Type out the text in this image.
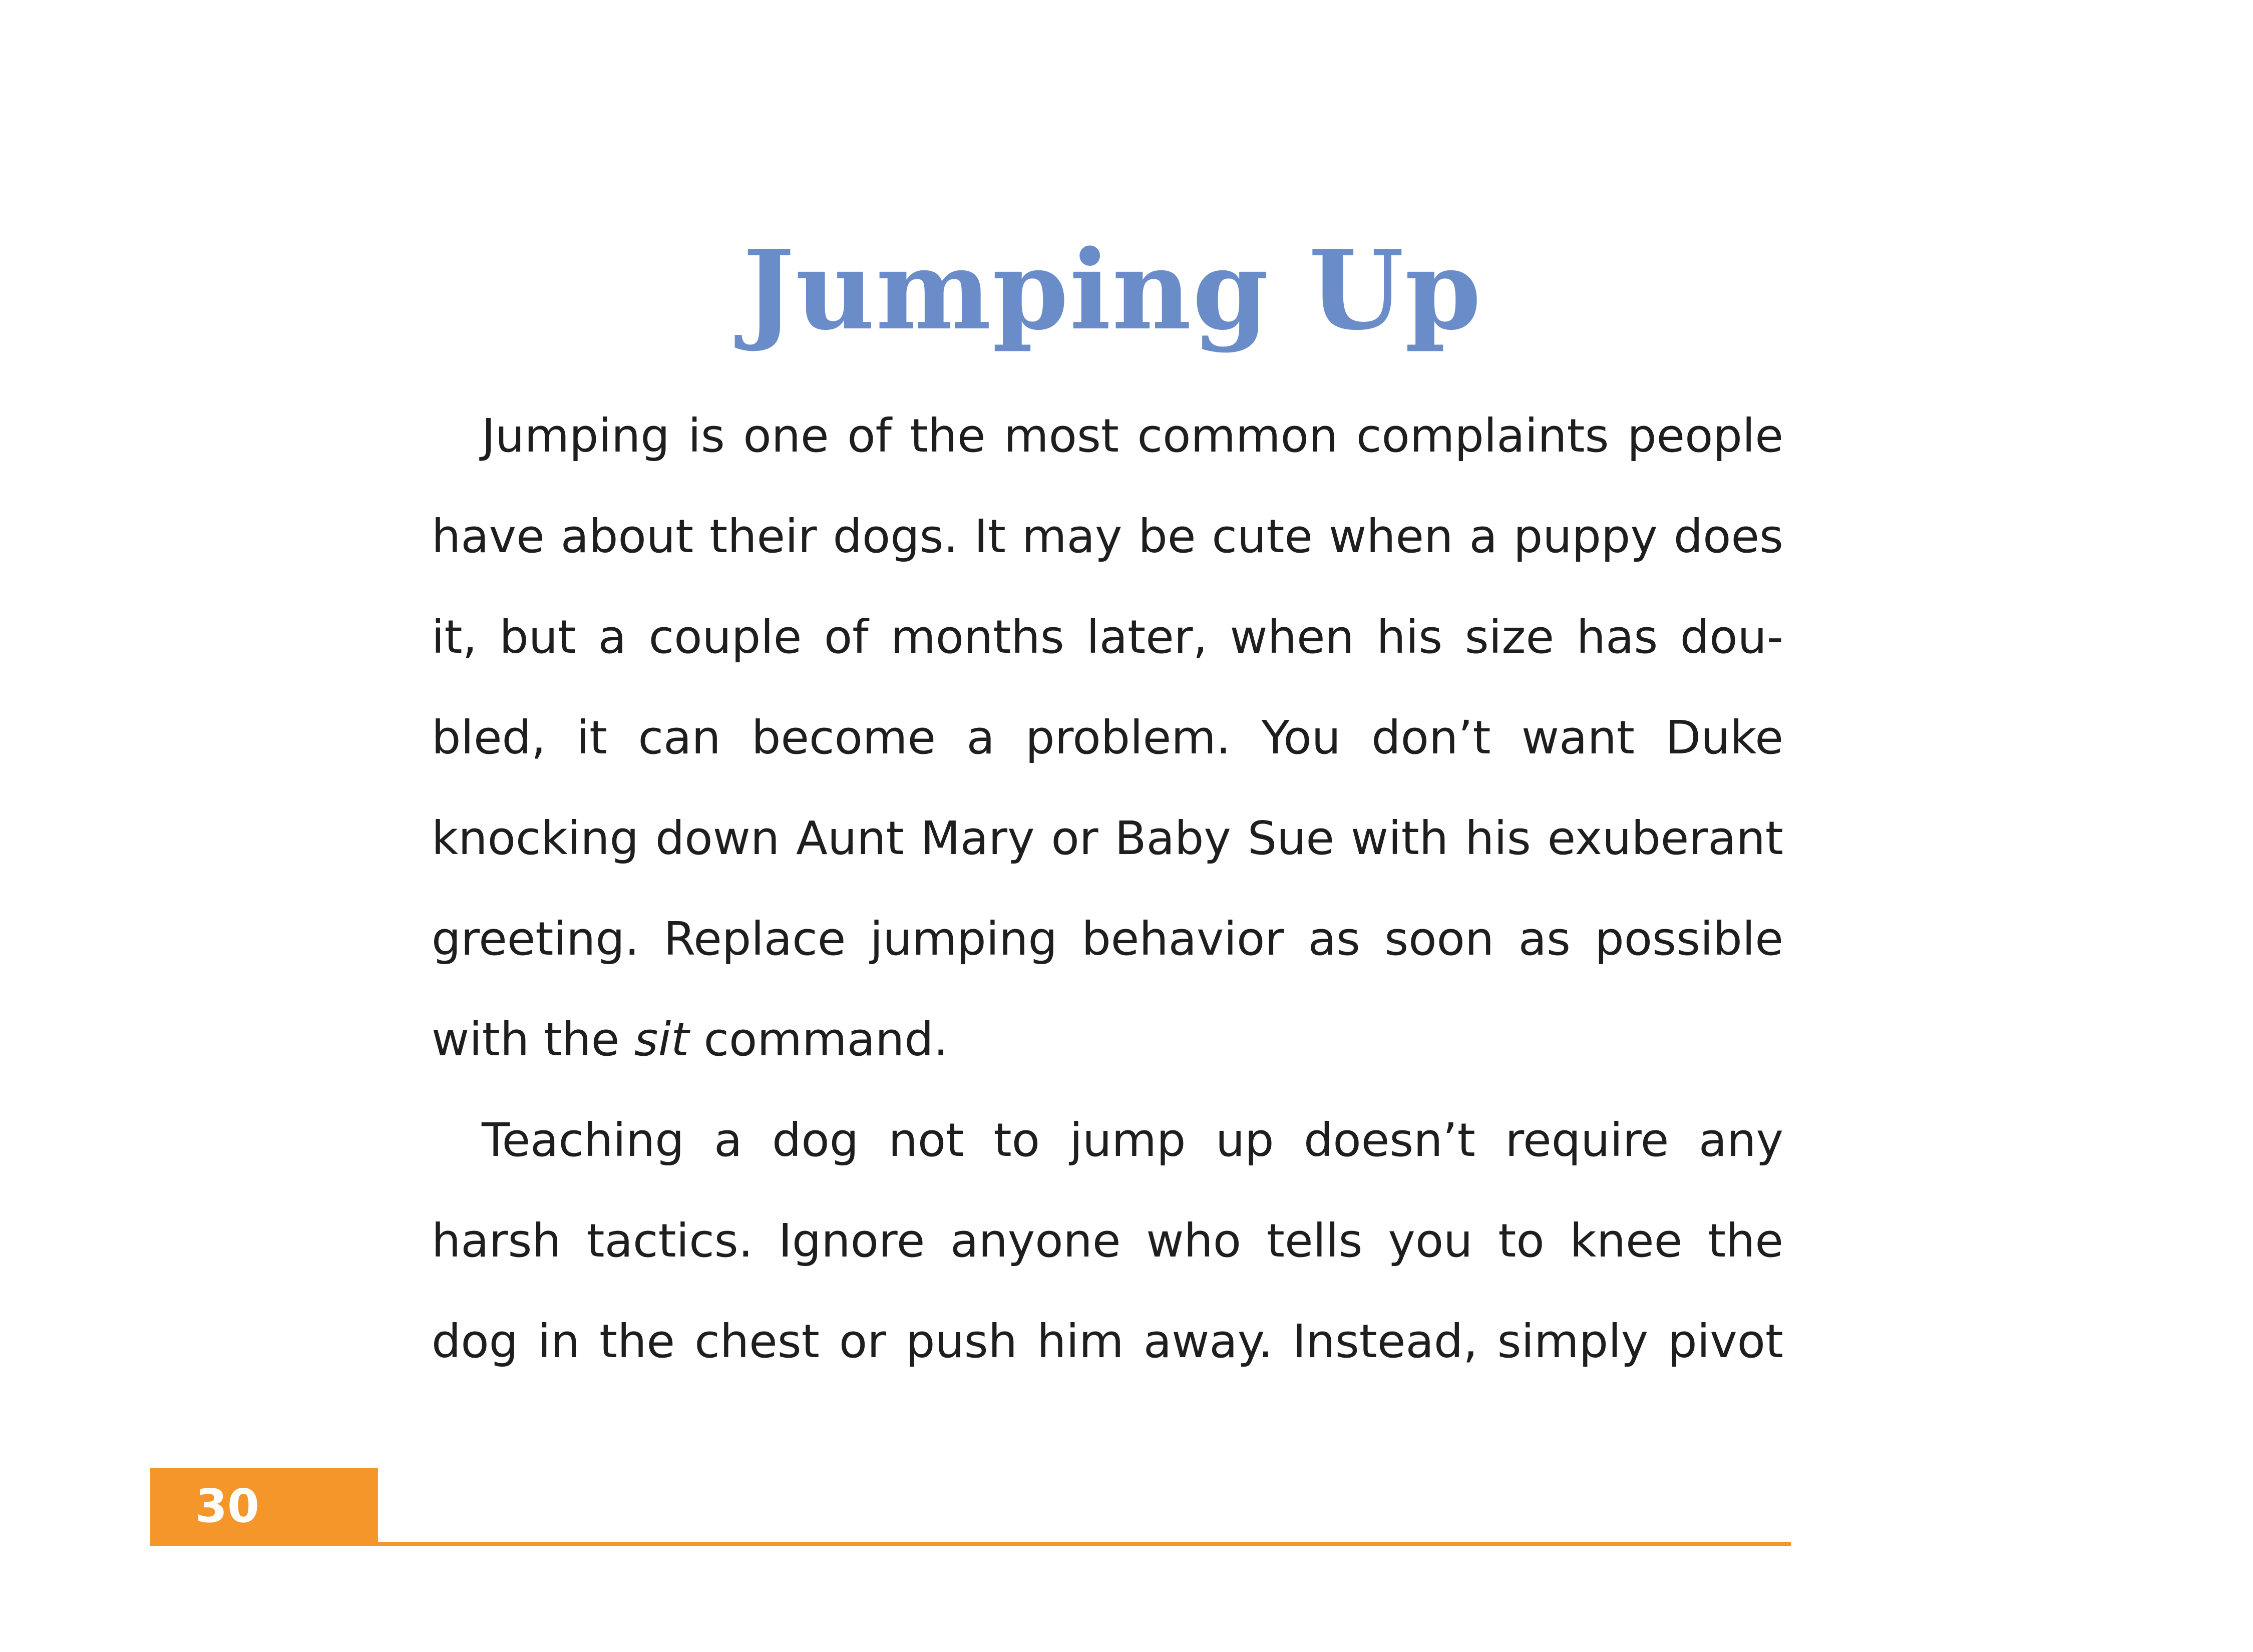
Jumping Up

Jumping is one of the most common complaints people
have about their dogs. It may be cute when a puppy does
it, but a couple of months later, when his size has dou-
bled, it can become a problem. You don’t want Duke
knocking down Aunt Mary or Baby Sue with his exuberant
greeting. Replace jumping behavior as soon as possible
with the sit command.

Teaching a dog not to jump up doesn’t require any
harsh tactics. Ignore anyone who tells you to knee the
dog in the chest or push him away. Instead, simply pivot

30
